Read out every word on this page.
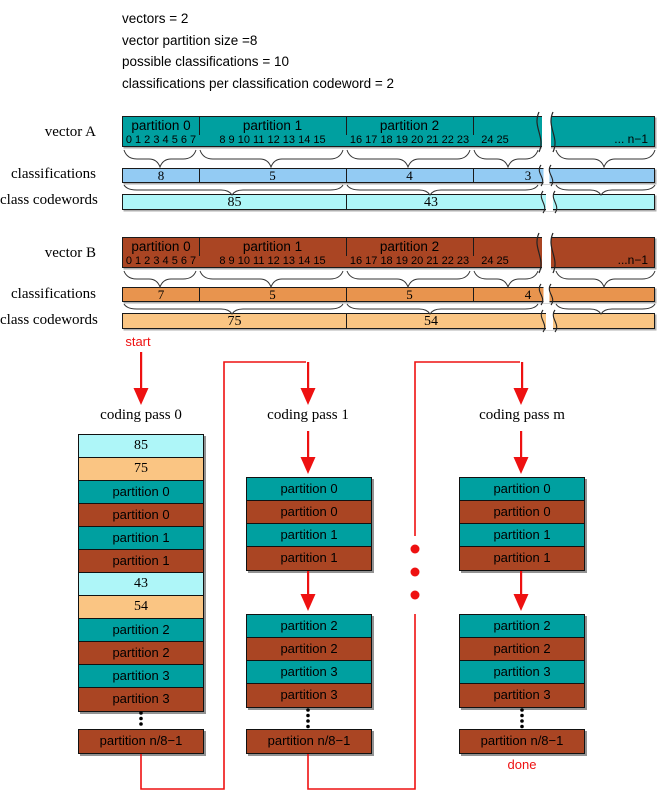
vectors = 2
vector partition size =8
possible classifications = 10
classifications per classification codeword = 2
vector A	partition 0	partition 1	partition 2
0 1 2 3 4 5 6 7	8 9 10 11 12 13 14 15	16 17 18 19 20 21 22 23	24 25	... n−1
classifications	8	5	4	3
class codewords	85	43
vector B	partition 0	partition 1	partition 2
0 1 2 3 4 5 6 7	8 9 10 11 12 13 14 15	16 17 18 19 20 21 22 23	24 25	...n−1
classifications	7	5	5	4
class codewords	75	54
start
done
coding pass 0	coding pass 1	coding pass m
85
75
partition 0
partition 0
partition 1
partition 1
43
54
partition 2
partition 2
partition 3
partition 3
partition n/8−1
partition 0
partition 0
partition 1
partition 1
partition 2
partition 2
partition 3
partition 3
partition n/8−1
partition 0
partition 0
partition 1
partition 1
partition 2
partition 2
partition 3
partition 3
partition n/8−1
